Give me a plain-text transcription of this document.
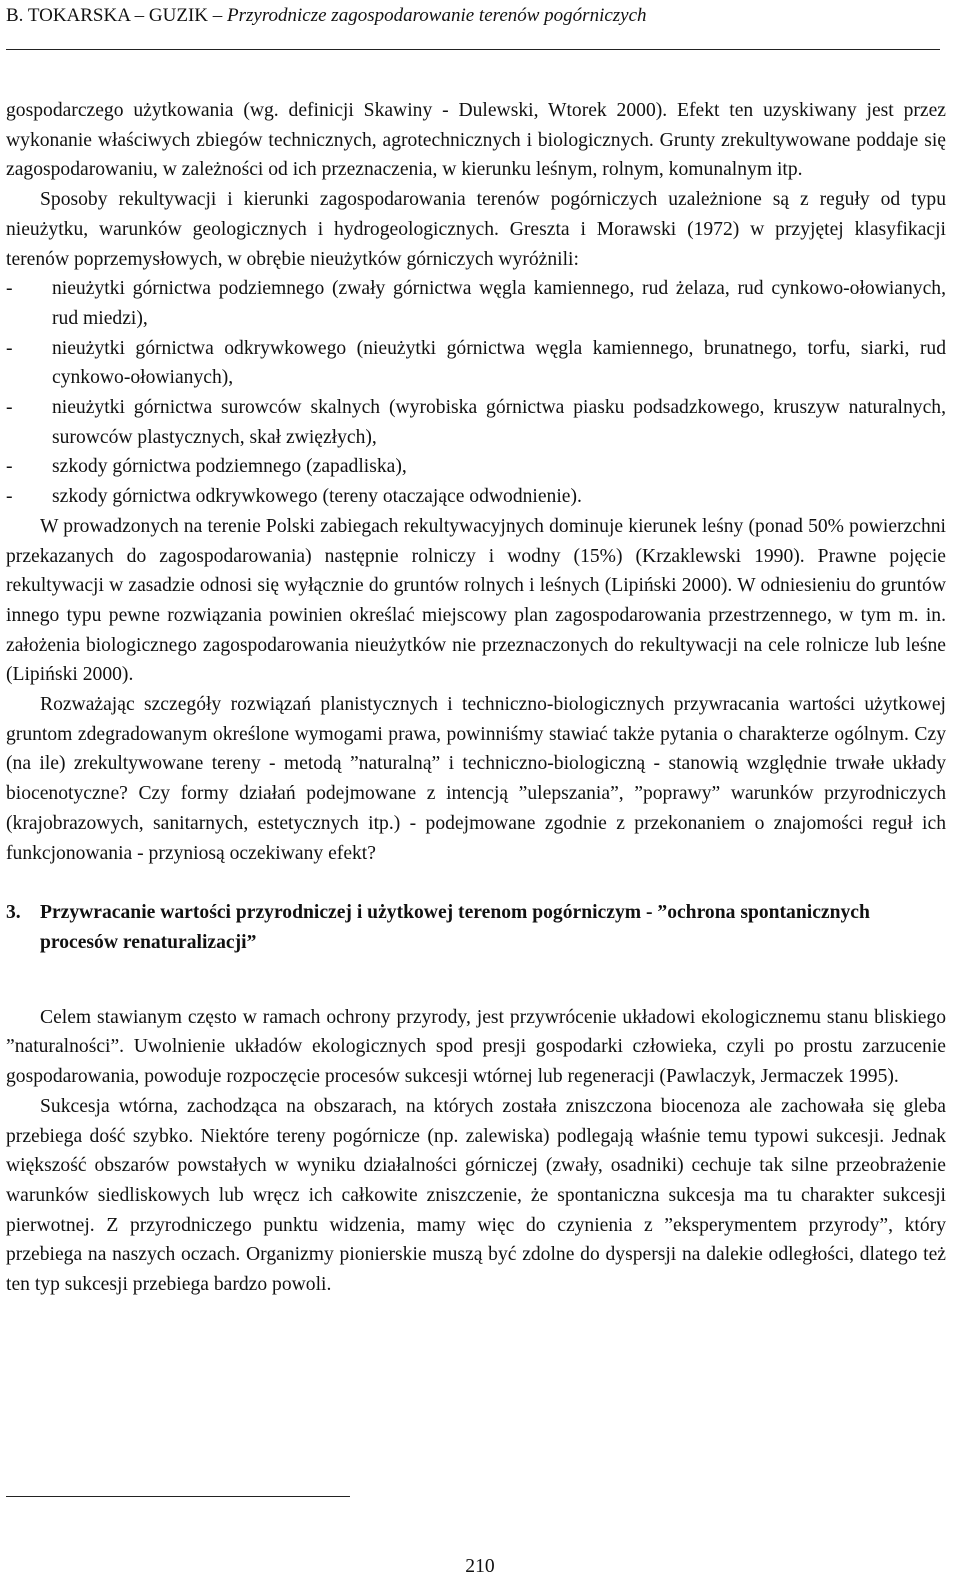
B. TOKARSKA – GUZIK – Przyrodnicze zagospodarowanie terenów pogórniczych

gospodarczego użytkowania (wg. definicji Skawiny - Dulewski, Wtorek 2000). Efekt ten uzyskiwany jest przez wykonanie właściwych zbiegów technicznych, agrotechnicznych i biologicznych. Grunty zrekultywowane poddaje się zagospodarowaniu, w zależności od ich przeznaczenia, w kierunku leśnym, rolnym, komunalnym itp.

Sposoby rekultywacji i kierunki zagospodarowania terenów pogórniczych uzależnione są z reguły od typu nieużytku, warunków geologicznych i hydrogeologicznych. Greszta i Morawski (1972) w przyjętej klasyfikacji terenów poprzemysłowych, w obrębie nieużytków górniczych wyróżnili:

- nieużytki górnictwa podziemnego (zwały górnictwa węgla kamiennego, rud żelaza, rud cynkowo-ołowianych, rud miedzi),
- nieużytki górnictwa odkrywkowego (nieużytki górnictwa węgla kamiennego, brunatnego, torfu, siarki, rud cynkowo-ołowianych),
- nieużytki górnictwa surowców skalnych (wyrobiska górnictwa piasku podsadzkowego, kruszyw naturalnych, surowców plastycznych, skał zwięzłych),
- szkody górnictwa podziemnego (zapadliska),
- szkody górnictwa odkrywkowego (tereny otaczające odwodnienie).

W prowadzonych na terenie Polski zabiegach rekultywacyjnych dominuje kierunek leśny (ponad 50% powierzchni przekazanych do zagospodarowania) następnie rolniczy i wodny (15%) (Krzaklewski 1990). Prawne pojęcie rekultywacji w zasadzie odnosi się wyłącznie do gruntów rolnych i leśnych (Lipiński 2000). W odniesieniu do gruntów innego typu pewne rozwiązania powinien określać miejscowy plan zagospodarowania przestrzennego, w tym m. in. założenia biologicznego zagospodarowania nieużytków nie przeznaczonych do rekultywacji na cele rolnicze lub leśne (Lipiński 2000).

Rozważając szczegóły rozwiązań planistycznych i techniczno-biologicznych przywracania wartości użytkowej gruntom zdegradowanym określone wymogami prawa, powinniśmy stawiać także pytania o charakterze ogólnym. Czy (na ile) zrekultywowane tereny - metodą ”naturalną” i techniczno-biologiczną - stanowią względnie trwałe układy biocenotyczne? Czy formy działań podejmowane z intencją ”ulepszania”, ”poprawy” warunków przyrodniczych (krajobrazowych, sanitarnych, estetycznych itp.) - podejmowane zgodnie z przekonaniem o znajomości reguł ich funkcjonowania - przyniosą oczekiwany efekt?

3. Przywracanie wartości przyrodniczej i użytkowej terenom pogórniczym - ”ochrona spontanicznych procesów renaturalizacji”

Celem stawianym często w ramach ochrony przyrody, jest przywrócenie układowi ekologicznemu stanu bliskiego ”naturalności”. Uwolnienie układów ekologicznych spod presji gospodarki człowieka, czyli po prostu zarzucenie gospodarowania, powoduje rozpoczęcie procesów sukcesji wtórnej lub regeneracji (Pawlaczyk, Jermaczek 1995).

Sukcesja wtórna, zachodząca na obszarach, na których została zniszczona biocenoza ale zachowała się gleba przebiega dość szybko. Niektóre tereny pogórnicze (np. zalewiska) podlegają właśnie temu typowi sukcesji. Jednak większość obszarów powstałych w wyniku działalności górniczej (zwały, osadniki) cechuje tak silne przeobrażenie warunków siedliskowych lub wręcz ich całkowite zniszczenie, że spontaniczna sukcesja ma tu charakter sukcesji pierwotnej. Z przyrodniczego punktu widzenia, mamy więc do czynienia z ”eksperymentem przyrody”, który przebiega na naszych oczach. Organizmy pionierskie muszą być zdolne do dyspersji na dalekie odległości, dlatego też ten typ sukcesji przebiega bardzo powoli.

210
